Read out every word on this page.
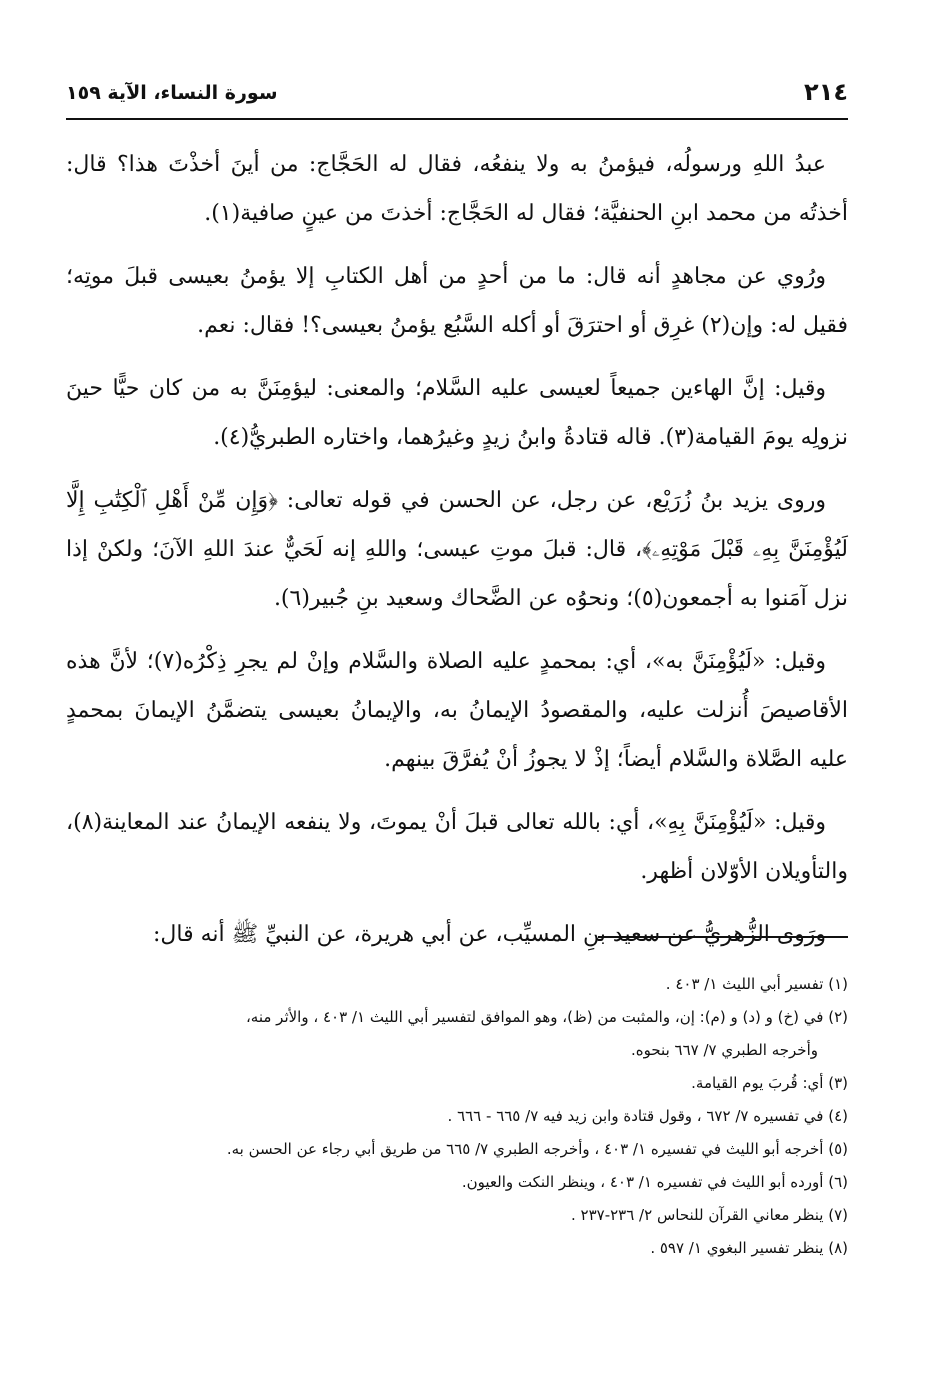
٢١٤
سورة النساء، الآية ١٥٩

عبدُ اللهِ ورسولُه، فيؤمنُ به ولا ينفعُه، فقال له الحَجَّاج: من أينَ أخذْتَ هذا؟ قال: أخذتُه من محمد ابنِ الحنفيَّة؛ فقال له الحَجَّاج: أخذتَ من عينٍ صافية(١).

ورُوي عن مجاهدٍ أنه قال: ما من أحدٍ من أهل الكتابِ إلا يؤمنُ بعيسى قبلَ موتِه؛ فقيل له: وإن(٢) غرِق أو احترَقَ أو أكله السَّبُع يؤمنُ بعيسى؟! فقال: نعم.

وقيل: إنَّ الهاءين جميعاً لعيسى عليه السَّلام؛ والمعنى: ليؤمِنَنَّ به من كان حيًّا حينَ نزولِه يومَ القيامة(٣). قاله قتادةُ وابنُ زيدٍ وغيرُهما، واختاره الطبريُّ(٤).

وروى يزيد بنُ زُرَيْع، عن رجل، عن الحسن في قوله تعالى: ﴿وَإِن مِّنْ أَهْلِ ٱلْكِتَٰبِ إِلَّا لَيُؤْمِنَنَّ بِهِۦ قَبْلَ مَوْتِهِۦ﴾، قال: قبلَ موتِ عيسى؛ واللهِ إنه لَحَيٌّ عندَ اللهِ الآنَ؛ ولكنْ إذا نزل آمَنوا به أجمعون(٥)؛ ونحوُه عن الضَّحاك وسعيد بنِ جُبير(٦).

وقيل: «لَيُؤْمِنَنَّ به»، أي: بمحمدٍ عليه الصلاة والسَّلام وإنْ لم يجرِ ذِكْرُه(٧)؛ لأنَّ هذه الأقاصيصَ أُنزلت عليه، والمقصودُ الإيمانُ به، والإيمانُ بعيسى يتضمَّنُ الإيمانَ بمحمدٍ عليه الصَّلاة والسَّلام أيضاً؛ إذْ لا يجوزُ أنْ يُفرَّقَ بينهم.

وقيل: «لَيُؤْمِنَنَّ بِهِ»، أي: بالله تعالى قبلَ أنْ يموتَ، ولا ينفعه الإيمانُ عند المعاينة(٨)، والتأويلان الأوّلان أظهر.

ورَوى الزُّهريُّ عن سعيد بنِ المسيِّب، عن أبي هريرة، عن النبيِّ ﷺ أنه قال:

(١) تفسير أبي الليث ١/ ٤٠٣ .

(٢) في (خ) و (د) و (م): إن، والمثبت من (ظ)، وهو الموافق لتفسير أبي الليث ١/ ٤٠٣ ، والأثر منه،

وأخرجه الطبري ٧/ ٦٦٧ بنحوه.

(٣) أي: قُربَ يوم القيامة.

(٤) في تفسيره ٧/ ٦٧٢ ، وقول قتادة وابن زيد فيه ٧/ ٦٦٥ - ٦٦٦ .

(٥) أخرجه أبو الليث في تفسيره ١/ ٤٠٣ ، وأخرجه الطبري ٧/ ٦٦٥ من طريق أبي رجاء عن الحسن به.

(٦) أورده أبو الليث في تفسيره ١/ ٤٠٣ ، وينظر النكت والعيون.

(٧) ينظر معاني القرآن للنحاس ٢/ ٢٣٦-٢٣٧ .

(٨) ينظر تفسير البغوي ١/ ٥٩٧ .
